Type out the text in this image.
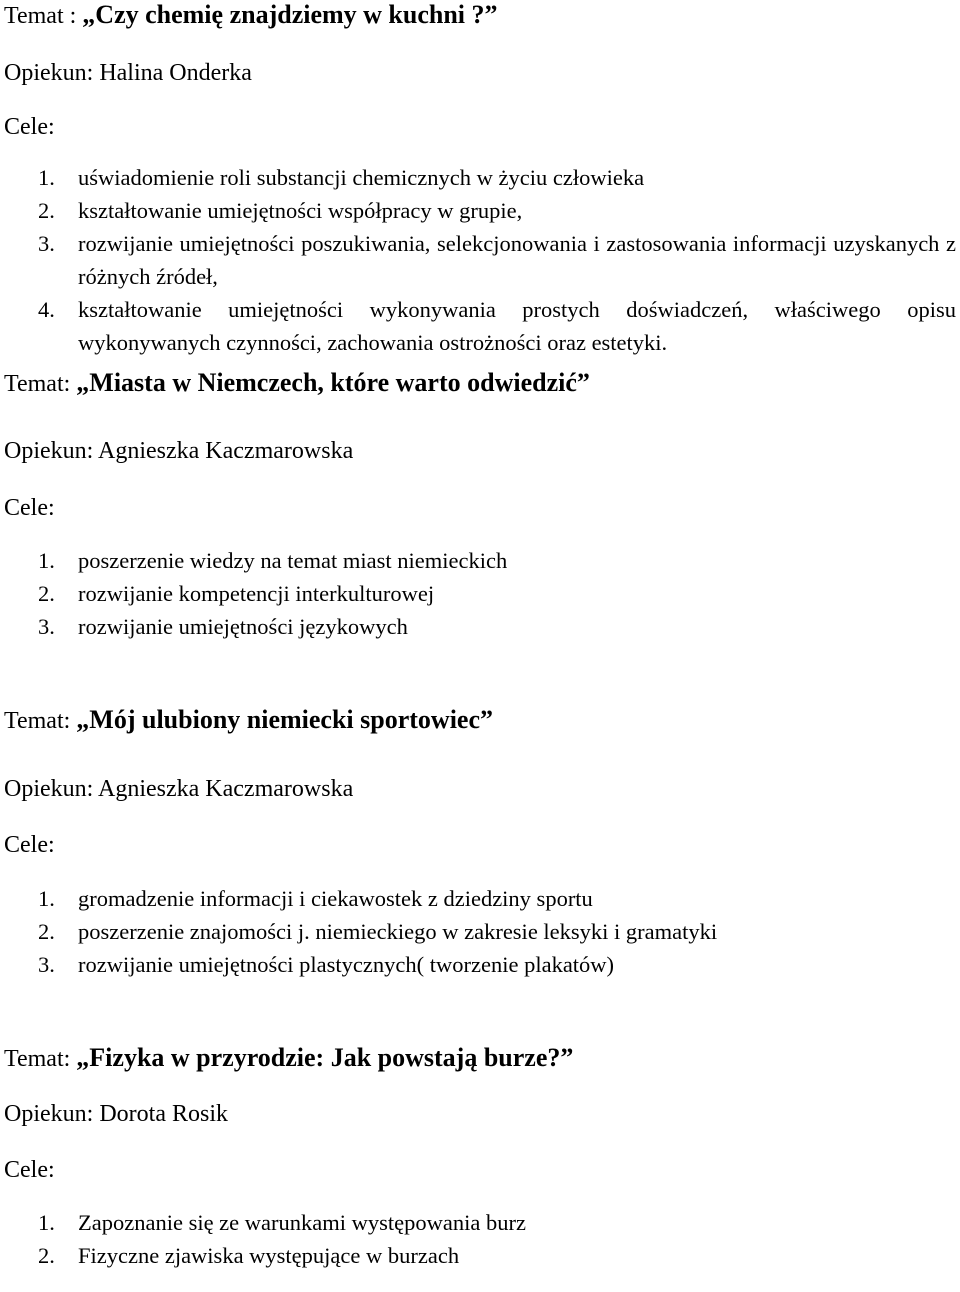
Temat : „Czy chemię znajdziemy w kuchni ?”
Opiekun: Halina Onderka
Cele:
1. uświadomienie roli substancji chemicznych w życiu człowieka
2. kształtowanie umiejętności współpracy w grupie,
3. rozwijanie umiejętności poszukiwania, selekcjonowania i zastosowania informacji uzyskanych z różnych źródeł,
4. kształtowanie umiejętności wykonywania prostych doświadczeń, właściwego opisu wykonywanych czynności, zachowania ostrożności oraz estetyki.
Temat: „Miasta w Niemczech, które warto odwiedzić”
Opiekun: Agnieszka Kaczmarowska
Cele:
1. poszerzenie wiedzy na temat miast niemieckich
2. rozwijanie kompetencji interkulturowej
3. rozwijanie umiejętności językowych
Temat: „Mój ulubiony niemiecki sportowiec”
Opiekun: Agnieszka Kaczmarowska
Cele:
1. gromadzenie informacji i ciekawostek z dziedziny sportu
2. poszerzenie znajomości j. niemieckiego w zakresie leksyki i gramatyki
3. rozwijanie umiejętności plastycznych( tworzenie plakatów)
Temat: „Fizyka w przyrodzie: Jak powstają burze?”
Opiekun: Dorota Rosik
Cele:
1. Zapoznanie się ze warunkami występowania burz
2. Fizyczne zjawiska występujące w burzach
